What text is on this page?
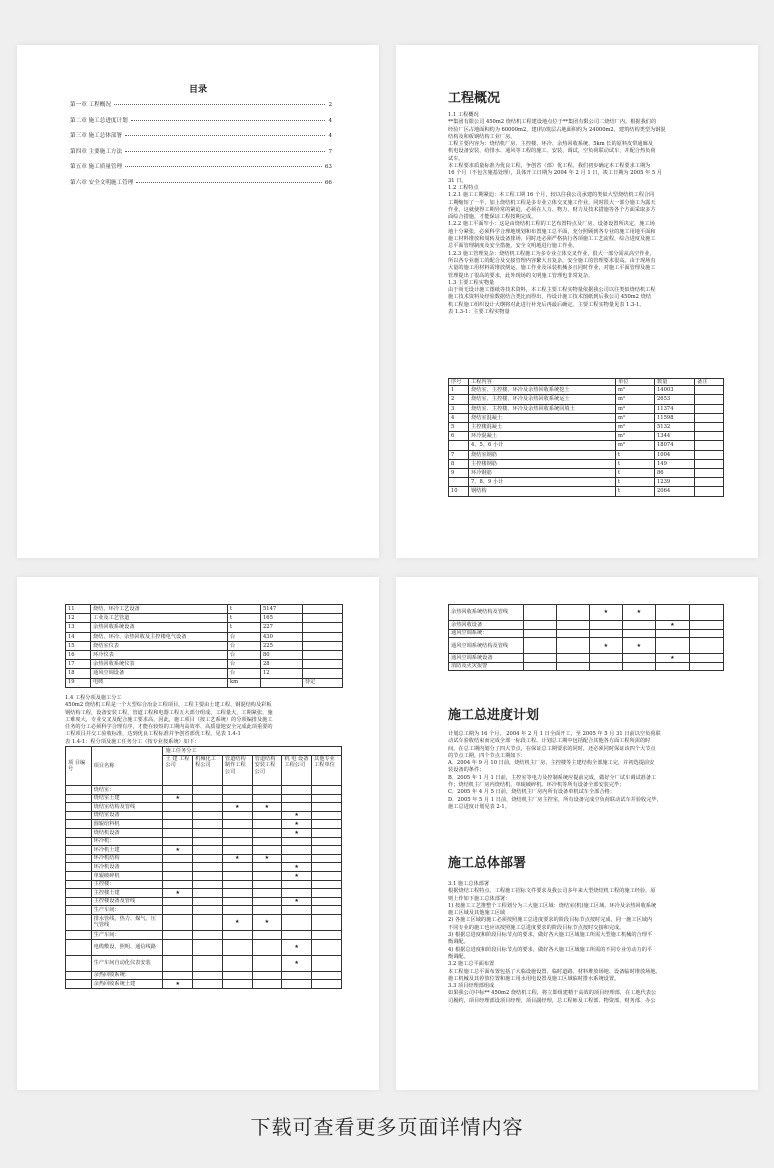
目录
第一章 工程概况	2
第二章 施工总进度计划	4
第三章 施工总体部署	4
第四章 主要施工方法	7
第五章 施工质量管理	63
第六章 安全文明施工管理	66
工程概况

1.1 工程概况

**集团有限公司 450m2 烧结机工程建设地点位于**集团有限公司二烧结厂内。根据我们的

经验厂区占地面积约为 60000m2，建(构)筑层占地面积约为 24000m2，建筑结构类型为钢混

结构及和板钢结构工业厂房。

工程主要内容为：烧结机厂房、主控楼、环冷、余热回收系统、5km 长的原料皮带通廊及

机电设备安装、给排水、通风等工程的施工、安装、调试，空负荷联动试车，并配合热负荷

试车。

本工程要求质量标准为优良工程，争创省（部）优工程。我们初步确定本工程要求工期为

16 个月（不包含施基处理），具体开工日期为 2004 年 2 月 1 日，竣工日期为 2005 年 5 月

31 日。

1.2 工程特点

1.2.1 施工工期紧迫：本工程工期 16 个月，较以往我公司承建的类似大型烧结机工程合同

工期缩短了一半，加上烧结机工程是多专业立体交叉施工作业，同时很大一部分施工为露天

作业，这就使得工期异常的紧迫，必须在人力、物力、财力及技术措施等各个方面采取多方

面综合措施，才能保证工程按期完成。

1.2.2 施工平面窄小：这是由烧结机工程的工艺布置特点及厂房、设备设置所决定，施工场

地十分紧张，必须科学合理地规划和布置施工总平面，充分照顾到各专业的施工用地平面和

施工材料堆放和周转及设备排场，同时还必须严格执行各项施工工艺流程，综合进度及施工

总平面管理制度及安全措施，安全文明地进行施工作业。

1.2.3 施工管理复杂：烧结机工程施工为多专业立体交叉作业，很大一部分需从高空作业，

所以各专业施工的配合及交接管理内容繁大且复杂，安全施工的管理要求很高。由于现场有

大量的施工用材料需堆放倒运，施工作业及吊装机械多且同时作业，对施工平面管理及施工

管理提出了很高的要求，此外现场的文明施工管理也非常复杂。

1.3 主要工程实物量

由于尚无设计施工图纸等技术资料，本工程主要工程实物量依据我公司以往类似烧结机工程

施工技术资料及经验数据结合类比而得出，待设计施工技术图纸到后我公司 450m2 烧结

机工程施工组织设计大纲将对此进行补充后再最后确定。主要工程实物量见表 1.3-1。

表 1.3-1：主要工程实物量

序号	工程内容	单位	数量	备注
1	烧结室、主控楼、环冷及余热回收系统挖土	m³	14003	
2	烧结室、主控楼、环冷及余热回收系统运土	m³	2653	
3	烧结室、主控楼、环冷及余热回收系统回填土	m³	11374	
4	烧结室混凝土	m³	11598	
5	主控楼混凝土	m³	5132	
6	环冷混凝土	m³	1344	
	4、5、6 小计	m³	18074	
7	烧结室钢筋	t	1004	
8	主控楼钢筋	t	149	
9	环冷钢筋	t	86	
	7、8、9 小计	t	1239	
10	钢结构	t	2064	
11	烧结、环冷工艺设备	t	5147	
12	工业及工艺管道	t	165	
13	余热回收系统设备	t	227	
14	烧结、环冷、余热回收及主控楼电气设备	台	430	
15	烧结室仪表	台	225	
16	环冷仪表	台	80	
17	余热回收系统仪表	台	28	
18	通风空调设备	台	12	
19	电缆	km		待定

1.4 工程分项及施工分工

450m2 烧结机工程是一个大型综合冶金工程项目，工程主要由土建工程、钢混结构及彩板

钢结构工程，设备安装工程，管道工程和电器工程五大部分组成，工程量大，工期紧张，施

工难度大，专业交叉及配合施工要求高，因此，施工项目（按工艺系统）的分项编排及施工

任务的分工必须科学合理有序，才能在较短的工期内高效率、高质量地安全完成此项重要的

工程项目并交工验收标准，达到优良工程标准并争创省部优工程。见表 1.4-1

表 1.4-1：程分项及施工任务分工（按专业按系统）如下：

项 目编号	项目名称	施工任务分工					
		土 建 工程公司	机械化工程公司	管道结构制作工程公司	管道结构安装工程公司	机 电 设备工程公司	其他专业工程单位
	烧结室：						
	烧结室土建	★					
	烧结室结构及管线			★	★		
	烧结室设备					★	
	圆辊给料机					★	
	烧结机设备					★	
	环冷机：						
	环冷机土建	★					
	环冷机结构			★	★		
	环冷机设备					★	
	单辊破碎机					★	
	主控楼：						
	主控楼土建	★					
	主控楼设备及管线					★	
	生产车间：						
	排水管线、热力、煤气、压气管线			★	★		
	生产车间：						
	电缆敷设、照明、通信线路					★	
	生产车间自动化仪表安装					★	
	余热回收系统：						
	余热回收系统土建	★					
	余热回收系统结构及管线			★	★		
	余热回收设备					★	
	通风空调系统：						
	通风空调系统结构及管线			★	★		
	通风空调系统设备					★	
	消防及火灾报警						
施工总进度计划

计划总工期为 16 个月， 2004 年 2 月 1 日全面开工，至 2005 年 5 月 31 日前以空负荷联

动试车验收结束而完成全部一标段工程。计划总工期中包括配合其他各方面工程所需的时

间。在总工期内划分了四大节点，在保证总工期要求的同时，还必须同时保证该四个大节点

的节点工期，四个节点工期如下：

A．2004 年 9 月 10 日前，烧结机主厂房、主控楼等主建结构全部施工完，并初选提前安

装设备的条件；

B．2005 年 1 月 1 日前，主控室等电力及控制系统应提前完成，做好全厂试车调试准备工

作；烧结机主厂房内烧结机、单辊破碎机、环冷机等所有设备全部安装完毕；

C．2005 年 4 月 5 日前，烧结机主厂房内所有设备单机试车全部合格；

D．2005 年 5 月 1 日前，烧结机主厂房主控室，所有设备完成空负荷联动试车并验收完毕，

施工总进度计划见表 2-1。

施工总体部署

3.1 施工总体部署

根据烧结工程特点、工程施工招标文件要求及我公司多年来大型烧结机工程的施工经验，原

则上作如下施工总体部署：

1) 按施工工艺推整个工程划分为三大施工区域：烧结室(机)施工区域、环冷及余热回收系统

施工区域及其他施工区域

2) 各施工区域的施工必须按照施工总进度要求的阶段目标节点按时完成，同一施工区域内

不同专业的施工也应该按照施工总进度要求的阶段目标节点按时交接和完成。

3) 根据总进度和阶段目标节点的要求，做好各大施工区域施工所需大型施工机械的合理平

衡调配。

4) 根据总进度和阶段目标节点的要求，做好各大施工区域施工所需的不同专业劳动力的平

衡调配。

3.2 施工总平面布置

本工程施工总平面布置包括了大临设施设置、临时道路、材料堆放场地、设备临时堆放场地、

施工机械及其停放位置和施工用水用电设置及施工区域临时排水系统设置。

3.3 项目经理部组成

如果我公司中标** 450m2 烧结机工程，将立即组建精干高效的项目经理部，在工地代表公

司履约，项目经理部设项目经理，项目副经理，总工程师及工程部、物资部、财务部、办公

下载可查看更多页面详情内容
